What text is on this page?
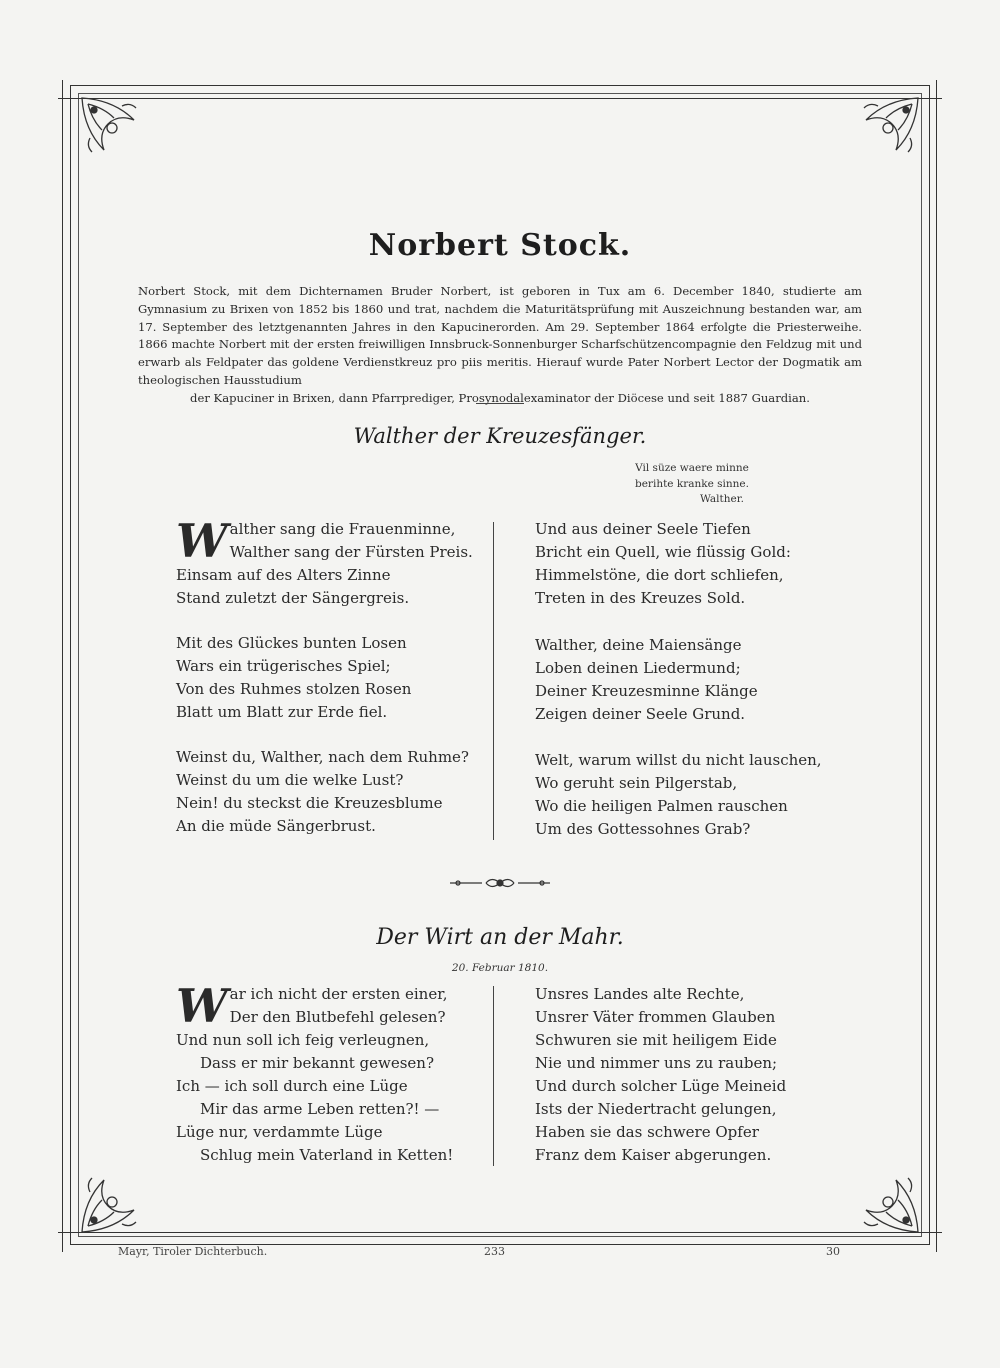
Norbert Stock.
Norbert Stock, mit dem Dichternamen Bruder Norbert, ist geboren in Tux am 6. December 1840, studierte am Gymnasium zu Brixen von 1852 bis 1860 und trat, nachdem die Maturitätsprüfung mit Auszeichnung bestanden war, am 17. September des letztgenannten Jahres in den Kapucinerorden. Am 29. September 1864 erfolgte die Priesterweihe. 1866 machte Norbert mit der ersten freiwilligen Innsbruck-Sonnenburger Scharfschützencompagnie den Feldzug mit und erwarb als Feldpater das goldene Verdienstkreuz pro piis meritis. Hierauf wurde Pater Norbert Lector der Dogmatik am theologischen Hausstudium
der Kapuciner in Brixen, dann Pfarrprediger, Prosynodalexaminator der Diöcese und seit 1887 Guardian.
Walther der Kreuzesfänger.
Vil süze waere minne
berihte kranke sinne.
Walther.
W alther sang die Frauenminne,
Walther sang der Fürsten Preis.
Einsam auf des Alters Zinne
Stand zuletzt der Sängergreis.
Mit des Glückes bunten Losen
Wars ein trügerisches Spiel;
Von des Ruhmes stolzen Rosen
Blatt um Blatt zur Erde fiel.
Weinst du, Walther, nach dem Ruhme?
Weinst du um die welke Lust?
Nein! du steckst die Kreuzesblume
An die müde Sängerbrust.
Und aus deiner Seele Tiefen
Bricht ein Quell, wie flüssig Gold:
Himmelstöne, die dort schliefen,
Treten in des Kreuzes Sold.
Walther, deine Maiensänge
Loben deinen Liedermund;
Deiner Kreuzesminne Klänge
Zeigen deiner Seele Grund.
Welt, warum willst du nicht lauschen,
Wo geruht sein Pilgerstab,
Wo die heiligen Palmen rauschen
Um des Gottessohnes Grab?
Der Wirt an der Mahr.
20. Februar 1810.
W ar ich nicht der ersten einer,
Der den Blutbefehl gelesen?
Und nun soll ich feig verleugnen,
Dass er mir bekannt gewesen?
Ich — ich soll durch eine Lüge
Mir das arme Leben retten?! —
Lüge nur, verdammte Lüge
Schlug mein Vaterland in Ketten!
Unsres Landes alte Rechte,
Unsrer Väter frommen Glauben
Schwuren sie mit heiligem Eide
Nie und nimmer uns zu rauben;
Und durch solcher Lüge Meineid
Ists der Niedertracht gelungen,
Haben sie das schwere Opfer
Franz dem Kaiser abgerungen.
Mayr, Tiroler Dichterbuch.	233	30
